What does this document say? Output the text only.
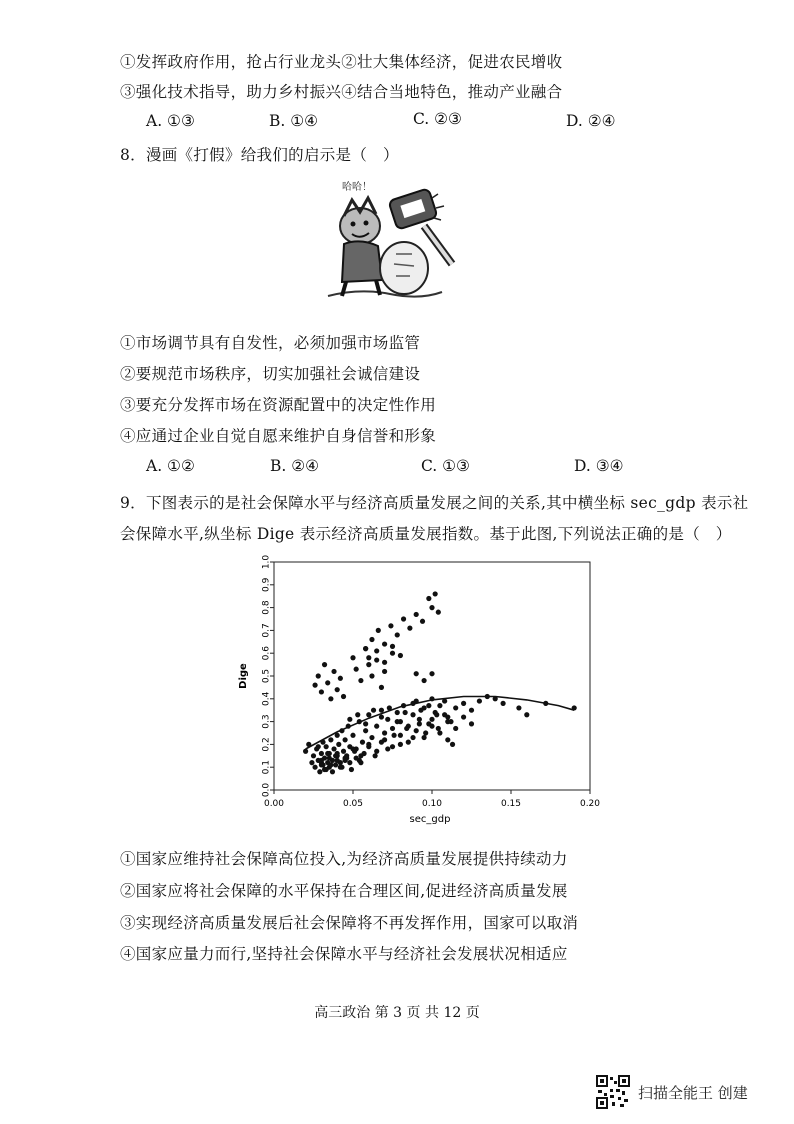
①发挥政府作用，抢占行业龙头②壮大集体经济，促进农民增收
③强化技术指导，助力乡村振兴④结合当地特色，推动产业融合
A. ①③	B. ①④	C. ②③	D. ②④
8．漫画《打假》给我们的启示是（　）
哈哈！
①市场调节具有自发性，必须加强市场监管
②要规范市场秩序，切实加强社会诚信建设
③要充分发挥市场在资源配置中的决定性作用
④应通过企业自觉自愿来维护自身信誉和形象
A. ①②	B. ②④	C. ①③	D. ③④
9．下图表示的是社会保障水平与经济高质量发展之间的关系,其中横坐标 sec_gdp 表示社
会保障水平,纵坐标 Dige 表示经济高质量发展指数。基于此图,下列说法正确的是（　）
0.00	0.05	0.10	0.15	0.20
0.0
0.1
0.2
0.3
0.4
0.5
0.6
0.7
0.8
0.9
1.0
sec_gdp
Dige
①国家应维持社会保障高位投入,为经济高质量发展提供持续动力
②国家应将社会保障的水平保持在合理区间,促进经济高质量发展
③实现经济高质量发展后社会保障将不再发挥作用，国家可以取消
④国家应量力而行,坚持社会保障水平与经济社会发展状况相适应
高三政治 第 3 页 共 12 页
扫描全能王 创建
